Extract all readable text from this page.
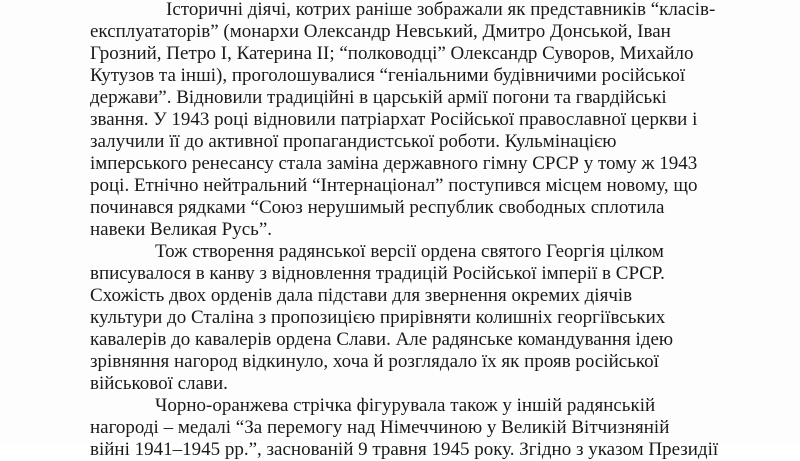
Історичні діячі, котрих раніше зображали як представників “класів-
експлуататорів” (монархи Олександр Невський, Дмитро Донськой, Іван
Грозний, Петро І, Катерина ІІ; “полководці” Олександр Суворов, Михайло
Кутузов та інші), проголошувалися “геніальними будівничими російської
держави”. Відновили традиційні в царській армії погони та гвардійські
звання. У 1943 році відновили патріархат Російської православної церкви і
залучили її до активної пропагандистської роботи. Кульмінацією
імперського ренесансу стала заміна державного гімну СРСР у тому ж 1943
році. Етнічно нейтральний “Інтернаціонал” поступився місцем новому, що
починався рядками “Союз нерушимый республик свободных сплотила
навеки Великая Русь”.
Тож створення радянської версії ордена святого Георгія цілком
вписувалося в канву з відновлення традицій Російської імперії в СРСР.
Схожість двох орденів дала підстави для звернення окремих діячів
культури до Сталіна з пропозицією прирівняти колишніх георгіївських
кавалерів до кавалерів ордена Слави. Але радянське командування ідею
зрівняння нагород відкинуло, хоча й розглядало їх як прояв російської
військової слави.
Чорно-оранжева стрічка фігурувала також у іншій радянській
нагороді – медалі “За перемогу над Німеччиною у Великій Вітчизняній
війні 1941–1945 рр.”, заснованій 9 травня 1945 року. Згідно з указом Президії
